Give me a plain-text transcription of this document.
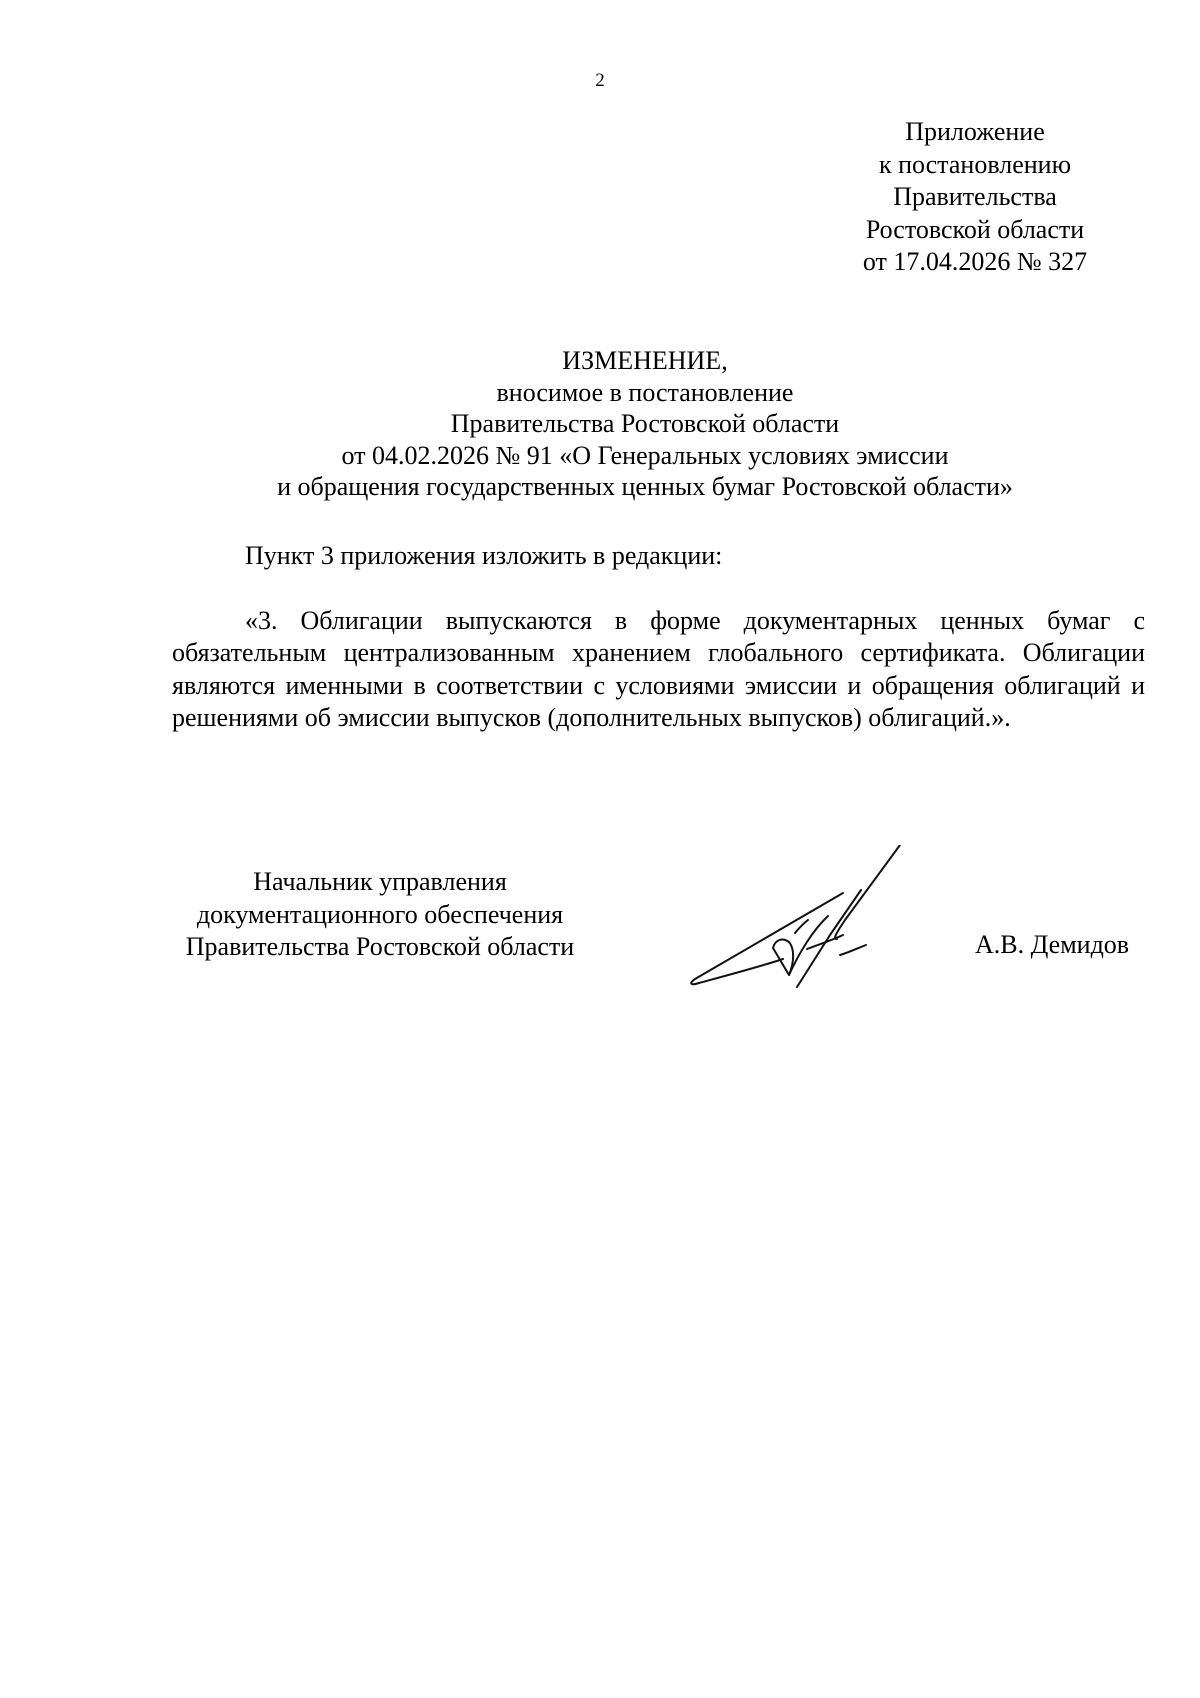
2
Приложение
к постановлению
Правительства
Ростовской области
от 17.04.2026 № 327
ИЗМЕНЕНИЕ,
вносимое в постановление
Правительства Ростовской области
от 04.02.2026 № 91 «О Генеральных условиях эмиссии
и обращения государственных ценных бумаг Ростовской области»
Пункт 3 приложения изложить в редакции:

«3. Облигации выпускаются в форме документарных ценных бумаг с обязательным централизованным хранением глобального сертификата. Облигации являются именными в соответствии с условиями эмиссии и обращения облигаций и решениями об эмиссии выпусков (дополнительных выпусков) облигаций.».

Начальник управления
документационного обеспечения
Правительства Ростовской области	А.В. Демидов
